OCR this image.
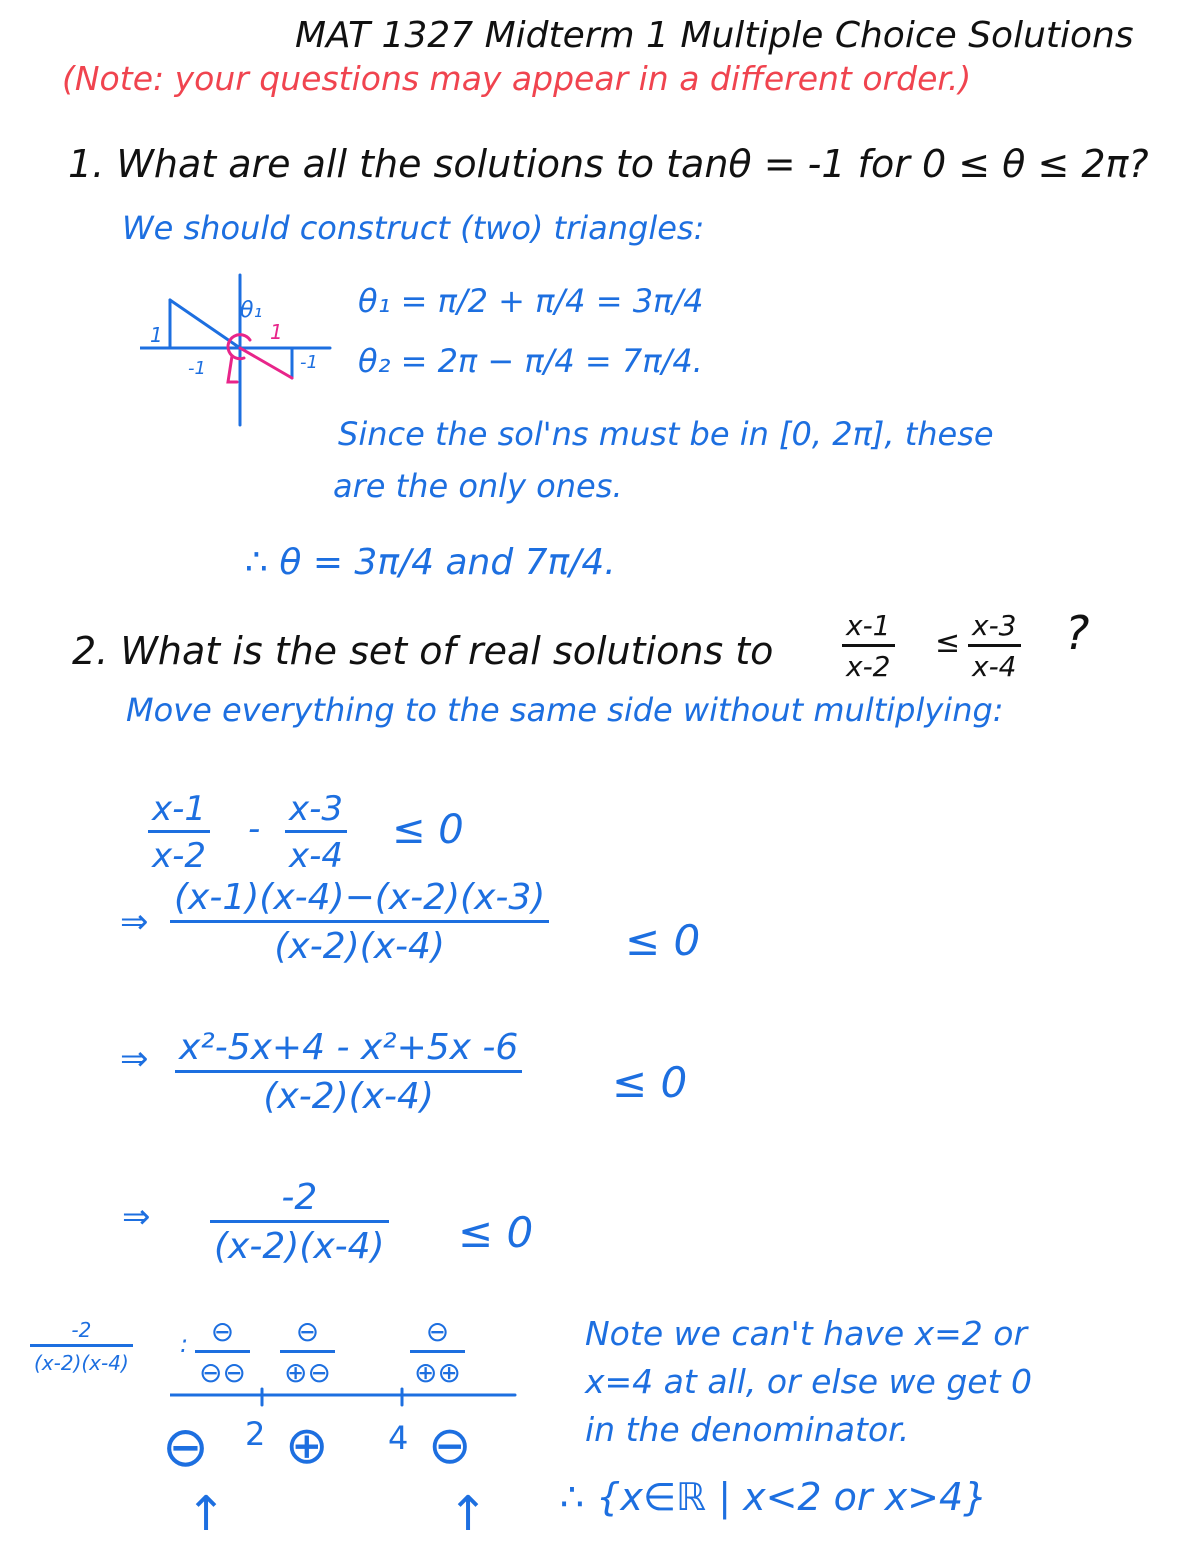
MAT 1327 Midterm 1 Multiple Choice Solutions
(Note: your questions may appear in a different order.)
1. What are all the solutions to tanθ = -1 for 0 ≤ θ ≤ 2π?
We should construct (two) triangles:
θ₁
1
1
-1	-1
θ₁ = π/2 + π/4 = 3π/4
θ₂ = 2π − π/4 = 7π/4.
Since the sol'ns must be in [0, 2π], these
are the only ones.
∴ θ = 3π/4 and 7π/4.
2. What is the set of real solutions to $\frac{x-1}{x-2} \le \frac{x-3}{x-4}$ ?
Move everything to the same side without multiplying:
$\frac{x-1}{x-2} - \frac{x-3}{x-4} \le 0$
⇒ $\frac{(x-1)(x-4)-(x-2)(x-3)}{(x-2)(x-4)} \le 0$
⇒ $\frac{\text{x²-5x+4 - x²+5x -6}}{(x-2)(x-4)} \le 0$
⇒ $\frac{-2}{(x-2)(x-4)} \le 0$
$\frac{-2}{(x-2)(x-4)}$ : ⊖
⊖⊖
⊖
⊕⊖
⊖
⊕⊕
⊖ 2 ⊕ 4 ⊖
↑	↑
Note we can't have x=2 or
x=4 at all, or else we get 0
in the denominator.
∴ {x∈ℝ | x<2 or x>4}
